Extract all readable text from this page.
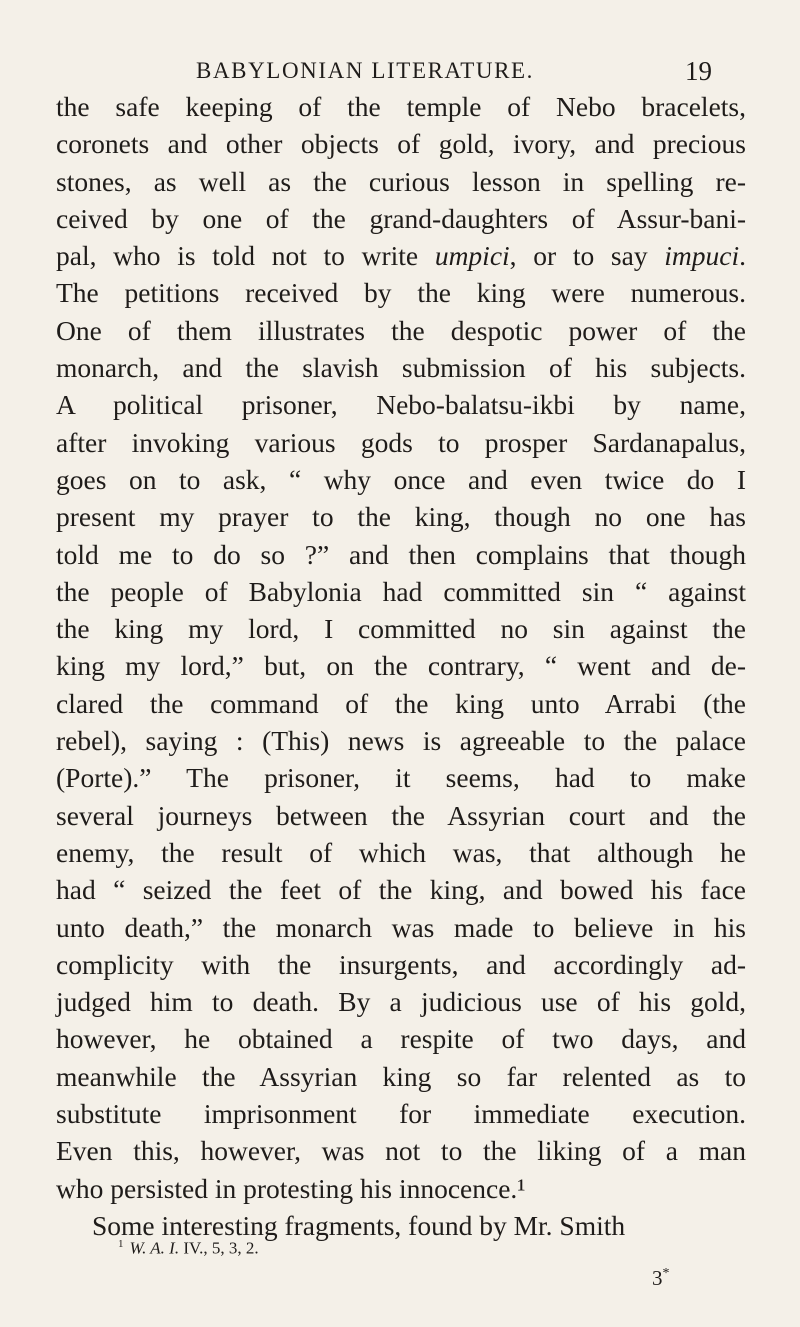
BABYLONIAN LITERATURE.	19
the safe keeping of the temple of Nebo bracelets,
coronets and other objects of gold, ivory, and precious
stones, as well as the curious lesson in spelling re-
ceived by one of the grand-daughters of Assur-bani-
pal, who is told not to write umpici, or to say impuci.
The petitions received by the king were numerous.
One of them illustrates the despotic power of the
monarch, and the slavish submission of his subjects.
A political prisoner, Nebo-balatsu-ikbi by name,
after invoking various gods to prosper Sardanapalus,
goes on to ask, “ why once and even twice do I
present my prayer to the king, though no one has
told me to do so ?” and then complains that though
the people of Babylonia had committed sin “ against
the king my lord, I committed no sin against the
king my lord,” but, on the contrary, “ went and de-
clared the command of the king unto Arrabi (the
rebel), saying : (This) news is agreeable to the palace
(Porte).” The prisoner, it seems, had to make
several journeys between the Assyrian court and the
enemy, the result of which was, that although he
had “ seized the feet of the king, and bowed his face
unto death,” the monarch was made to believe in his
complicity with the insurgents, and accordingly ad-
judged him to death. By a judicious use of his gold,
however, he obtained a respite of two days, and
meanwhile the Assyrian king so far relented as to
substitute imprisonment for immediate execution.
Even this, however, was not to the liking of a man
who persisted in protesting his innocence.¹
Some interesting fragments, found by Mr. Smith
$^1$ W. A. I. IV., 5, 3, 2.
3*
